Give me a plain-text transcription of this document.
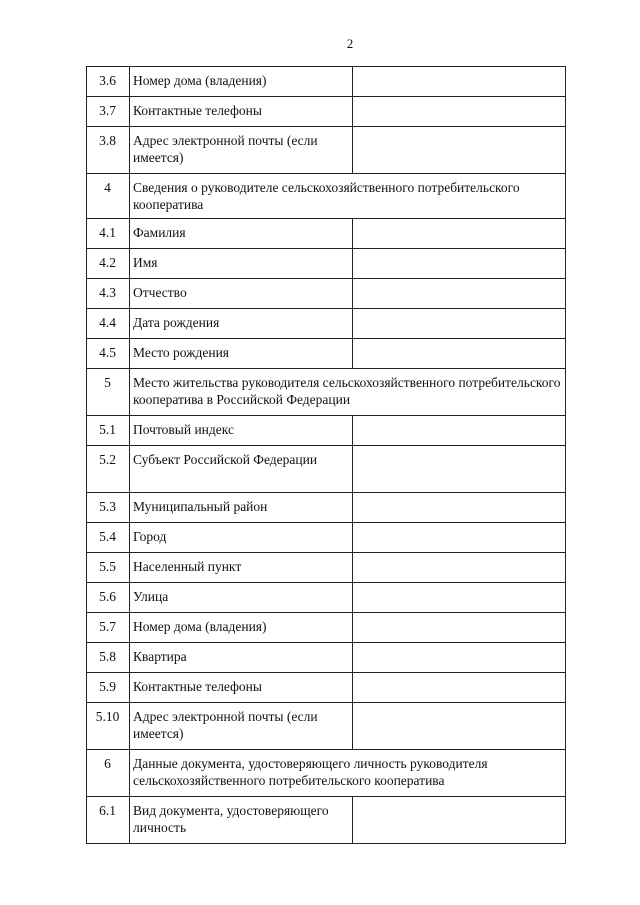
2
3.6	Номер дома (владения)	
3.7	Контактные телефоны	
3.8	Адрес электронной почты (если имеется)	
4	Сведения о руководителе сельскохозяйственного потребительского кооператива	
4.1	Фамилия	
4.2	Имя	
4.3	Отчество	
4.4	Дата рождения	
4.5	Место рождения	
5	Место жительства руководителя сельскохозяйственного потребительского кооператива в Российской Федерации	
5.1	Почтовый индекс	
5.2	Субъект Российской Федерации	
5.3	Муниципальный район	
5.4	Город	
5.5	Населенный пункт	
5.6	Улица	
5.7	Номер дома (владения)	
5.8	Квартира	
5.9	Контактные телефоны	
5.10	Адрес электронной почты (если имеется)	
6	Данные документа, удостоверяющего личность руководителя сельскохозяйственного потребительского кооператива	
6.1	Вид документа, удостоверяющего личность	
